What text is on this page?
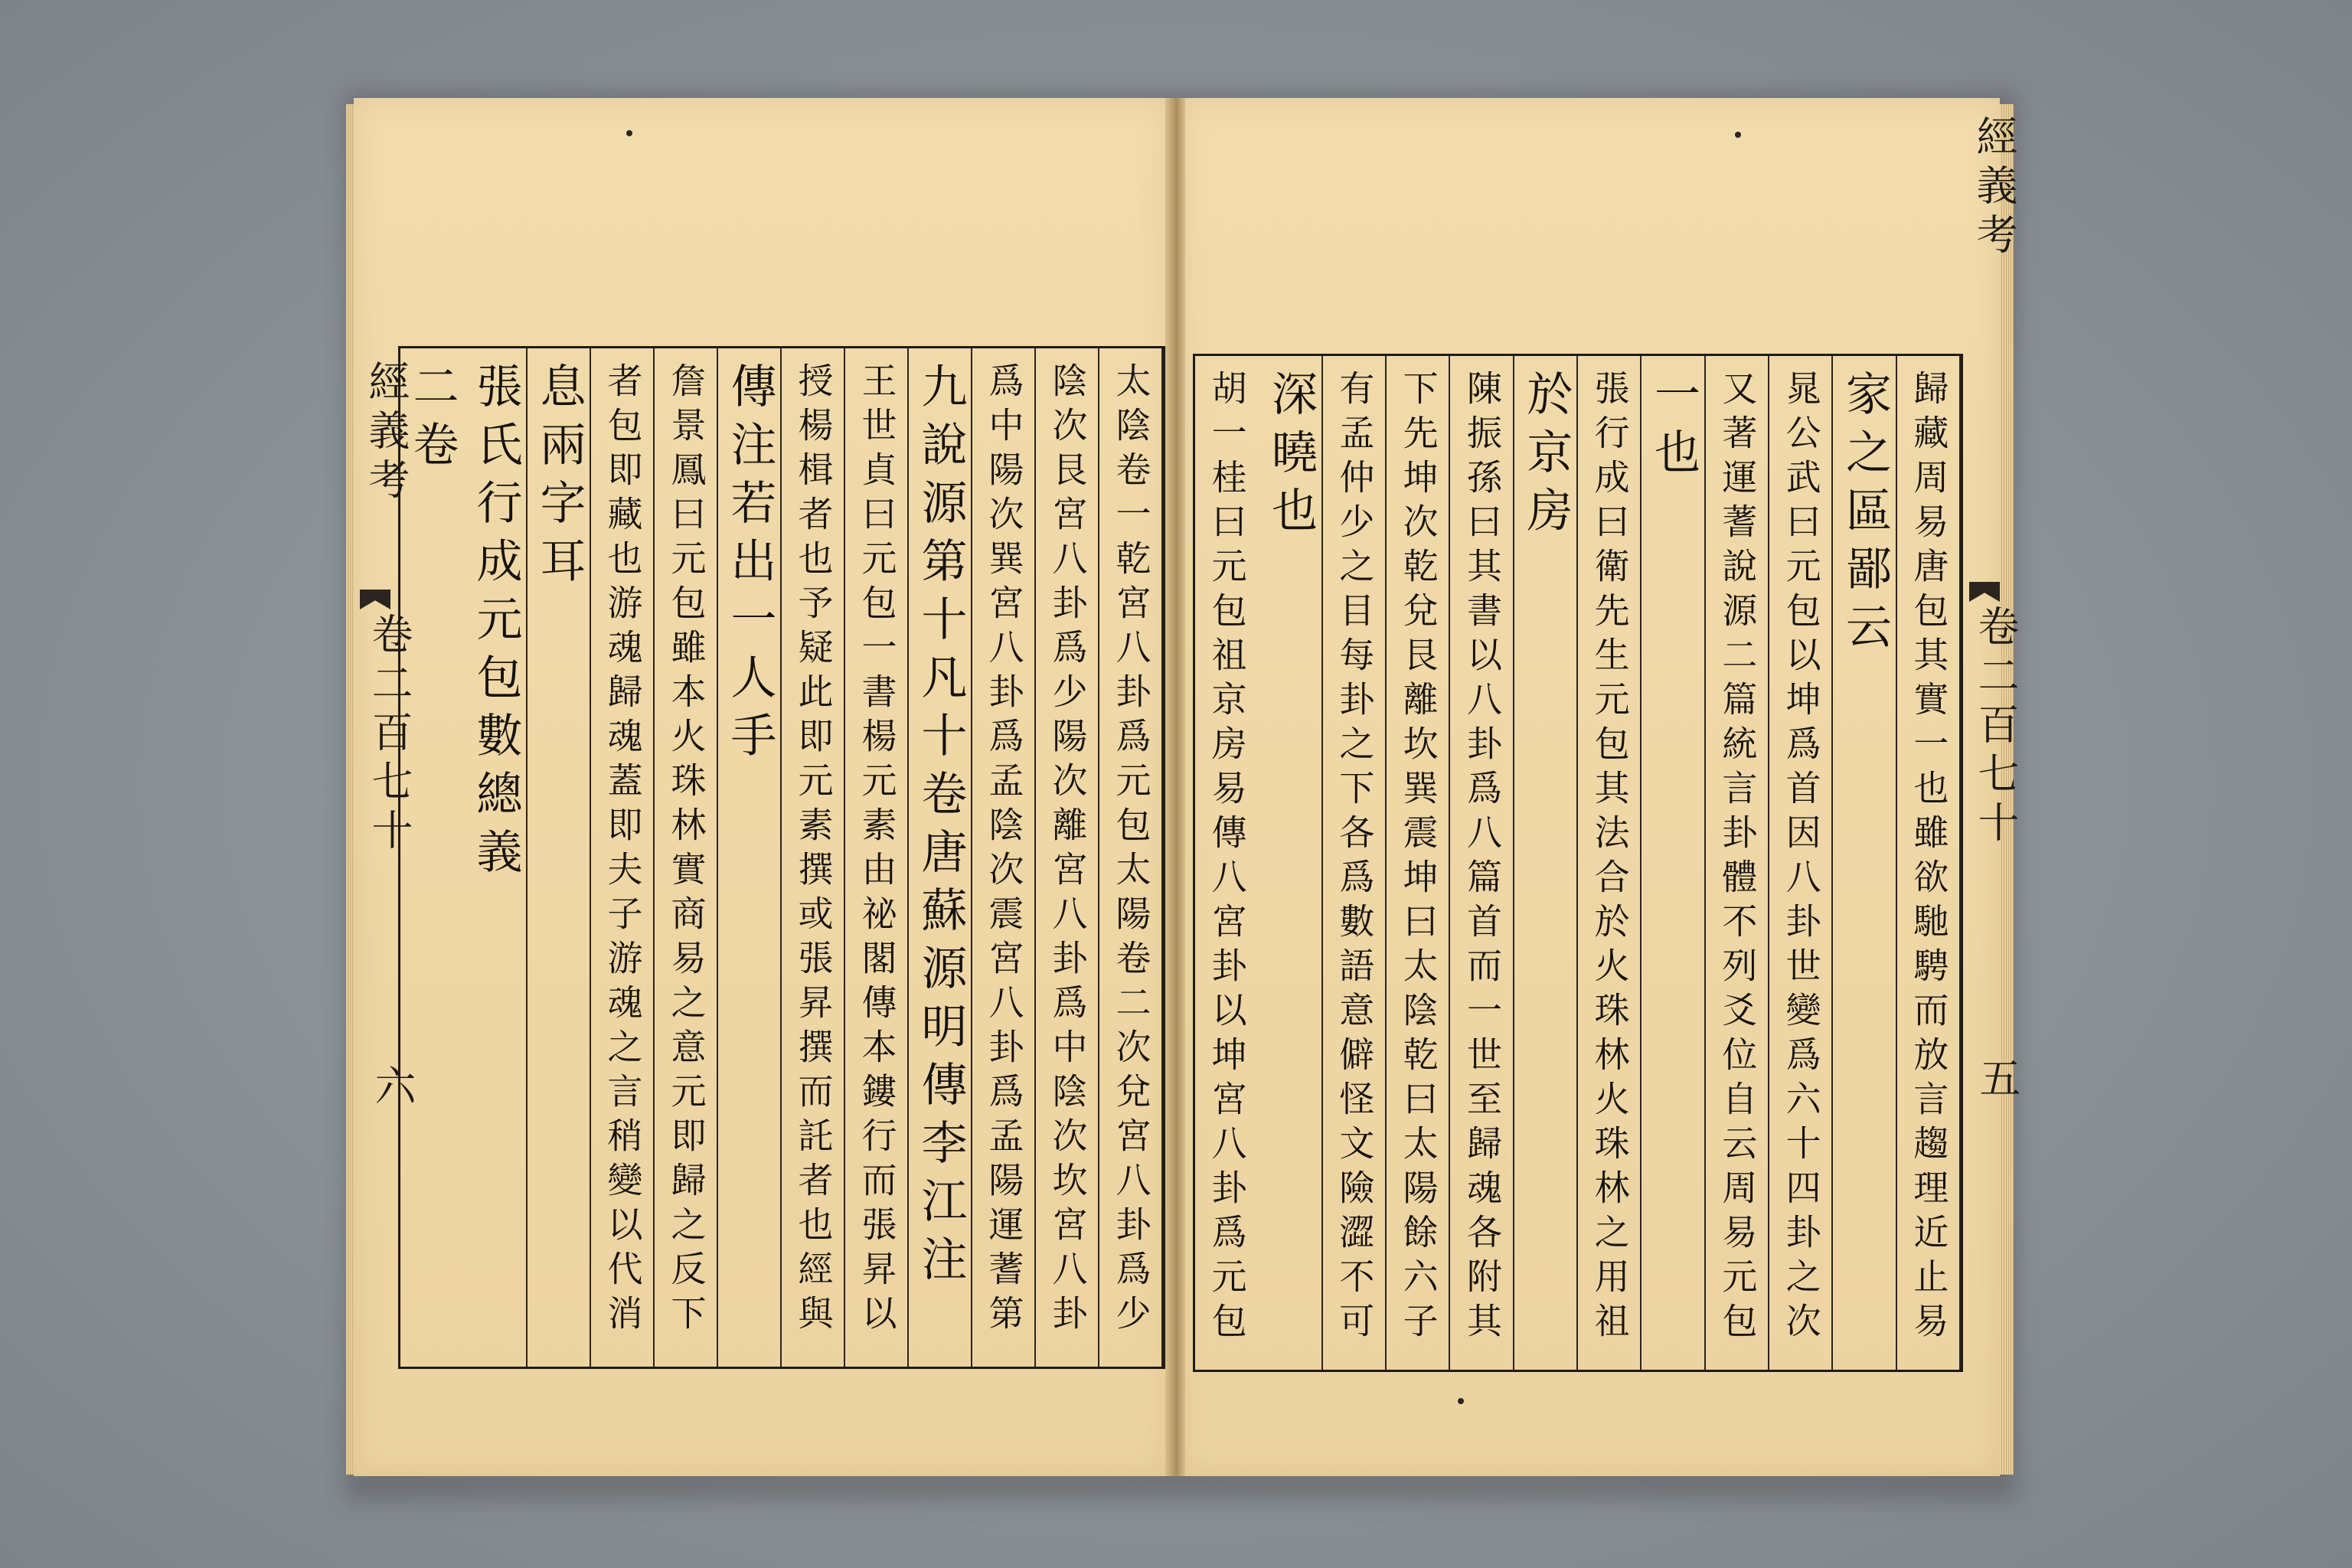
太陰卷一乾宮八卦爲元包太陽卷二次兌宮八卦爲少
陰次艮宮八卦爲少陽次離宮八卦爲中陰次坎宮八卦
爲中陽次巽宮八卦爲孟陰次震宮八卦爲孟陽運蓍第
九說源第十凡十卷唐蘇源明傳李江注
王世貞曰元包一書楊元素由祕閣傳本鏤行而張昇以
授楊楫者也予疑此即元素撰或張昇撰而託者也經與
傳注若出一人手
詹景鳳曰元包雖本火珠林實商易之意元即歸之反下
者包即藏也游魂歸魂蓋即夫子游魂之言稍變以代消
息兩字耳
張氏行成元包數總義
二卷
經義考
卷二百七十
六	歸藏周易唐包其實一也雖欲馳騁而放言趨理近止易
家之區鄙云
晁公武曰元包以坤爲首因八卦世變爲六十四卦之次
又著運蓍說源二篇統言卦體不列爻位自云周易元包
一也
張行成曰衛先生元包其法合於火珠林火珠林之用祖
於京房
陳振孫曰其書以八卦爲八篇首而一世至歸魂各附其
下先坤次乾兌艮離坎巽震坤曰太陰乾曰太陽餘六子
有孟仲少之目每卦之下各爲數語意僻怪文險澀不可
深曉也
胡一桂曰元包祖京房易傳八宮卦以坤宮八卦爲元包
經義考
卷二百七十
五
